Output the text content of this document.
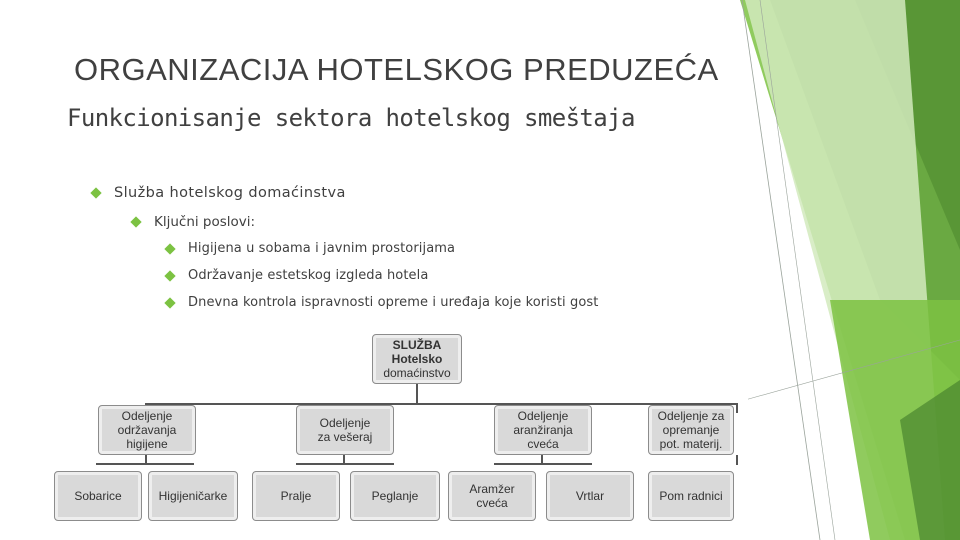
ORGANIZACIJA HOTELSKOG PREDUZEĆA
Funkcionisanje sektora hotelskog smeštaja
Služba hotelskog domaćinstva
Ključni poslovi:
Higijena u sobama i javnim prostorijama
Održavanje estetskog izgleda hotela
Dnevna kontrola ispravnosti opreme i uređaja koje koristi gost
SLUŽBA
Hotelsko
domaćinstvo
Odeljenje
održavanja
higijene
Odeljenje
za vešeraj
Odeljenje
aranžiranja
cveća
Odeljenje za
opremanje
pot. materij.
Sobarice	Higijeničarke	Pralje	Peglanje	Aramžer
cveća	Vrtlar	Pom radnici
